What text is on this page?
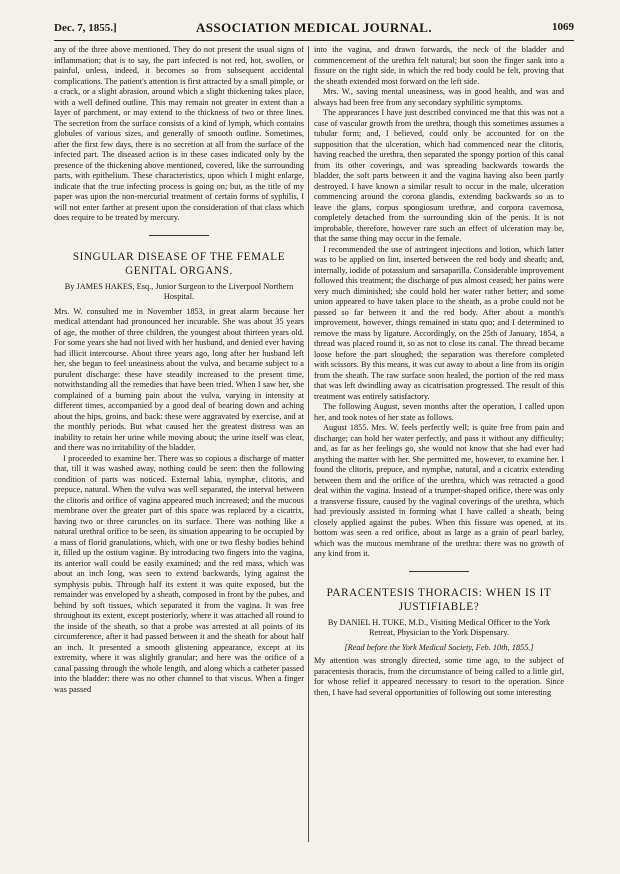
Dec. 7, 1855.]	ASSOCIATION MEDICAL JOURNAL.	1069

any of the three above mentioned. They do not present the usual signs of inflammation; that is to say, the part infected is not red, hot, swollen, or painful, unless, indeed, it becomes so from subsequent accidental complications. The patient's attention is first attracted by a small pimple, or a crack, or a slight abrasion, around which a slight thickening takes place, with a well defined outline. This may remain not greater in extent than a layer of parchment, or may extend to the thickness of two or three lines. The secretion from the surface consists of a kind of lymph, which contains globules of various sizes, and generally of smooth outline. Sometimes, after the first few days, there is no secretion at all from the surface of the infected part. The diseased action is in these cases indicated only by the presence of the thickening above mentioned, covered, like the surrounding parts, with epithelium. These characteristics, upon which I might enlarge, indicate that the true infecting process is going on; but, as the title of my paper was upon the non-mercurial treatment of certain forms of syphilis, I will not enter farther at present upon the consideration of that class which does require to be treated by mercury.

SINGULAR DISEASE OF THE FEMALE GENITAL ORGANS.
By JAMES HAKES, Esq., Junior Surgeon to the Liverpool Northern Hospital.

Mrs. W. consulted me in November 1853, in great alarm because her medical attendant had pronounced her incurable. She was about 35 years of age, the mother of three children, the youngest about thirteen years old. For some years she had not lived with her husband, and denied ever having had illicit intercourse. About three years ago, long after her husband left her, she began to feel uneasiness about the vulva, and became subject to a purulent discharge: these have steadily increased to the present time, notwithstanding all the remedies that have been tried. When I saw her, she complained of a burning pain about the vulva, varying in intensity at different times, accompanied by a good deal of bearing down and aching about the hips, groins, and back: these were aggravated by exercise, and at the monthly periods. But what caused her the greatest distress was an inability to retain her urine while moving about; the urine itself was clear, and there was no irritability of the bladder.

I proceeded to examine her. There was so copious a discharge of matter that, till it was washed away, nothing could be seen: then the following condition of parts was noticed. External labia, nymphæ, clitoris, and prepuce, natural. When the vulva was well separated, the interval between the clitoris and orifice of vagina appeared much increased; and the mucous membrane over the greater part of this space was replaced by a cicatrix, having two or three caruncles on its surface. There was nothing like a natural urethral orifice to be seen, its situation appearing to be occupied by a mass of florid granulations, which, with one or two fleshy bodies behind it, filled up the ostium vaginæ. By introducing two fingers into the vagina, its anterior wall could be easily examined; and the red mass, which was about an inch long, was seen to extend backwards, lying against the symphysis pubis. Through half its extent it was quite exposed, but the remainder was enveloped by a sheath, composed in front by the pubes, and behind by soft tissues, which separated it from the vagina. It was free throughout its extent, except posteriorly, where it was attached all round to the inside of the sheath, so that a probe was arrested at all points of its circumference, after it had passed between it and the sheath for about half an inch. It presented a smooth glistening appearance, except at its extremity, where it was slightly granular; and here was the orifice of a canal passing through the whole length, and along which a catheter passed into the bladder: there was no other channel to that viscus. When a finger was passed

into the vagina, and drawn forwards, the neck of the bladder and commencement of the urethra felt natural; but soon the finger sank into a fissure on the right side, in which the red body could be felt, proving that the sheath extended most forward on the left side.

Mrs. W., saving mental uneasiness, was in good health, and was and always had been free from any secondary syphilitic symptoms.

The appearances I have just described convinced me that this was not a case of vascular growth from the urethra, though this sometimes assumes a tubular form; and, I believed, could only be accounted for on the supposition that the ulceration, which had commenced near the clitoris, having reached the urethra, then separated the spongy portion of this canal from its other coverings, and was spreading backwards towards the bladder, the soft parts between it and the vagina having also been partly destroyed. I have known a similar result to occur in the male, ulceration commencing around the corona glandis, extending backwards so as to leave the glans, corpus spongiosum urethræ, and corpora cavernosa, completely detached from the surrounding skin of the penis. It is not improbable, therefore, however rare such an effect of ulceration may be, that the same thing may occur in the female.

I recommended the use of astringent injections and lotion, which latter was to be applied on lint, inserted between the red body and sheath; and, internally, iodide of potassium and sarsaparilla. Considerable improvement followed this treatment; the discharge of pus almost ceased; her pains were very much diminished; she could hold her water rather better; and some union appeared to have taken place to the sheath, as a probe could not be passed so far between it and the red body. After about a month's improvement, however, things remained in statu quo; and I determined to remove the mass by ligature. Accordingly, on the 25th of January, 1854, a thread was placed round it, so as not to close its canal. The thread became loose before the part sloughed; the separation was therefore completed with scissors. By this means, it was cut away to about a line from its origin from the sheath. The raw surface soon healed, the portion of the red mass that was left dwindling away as cicatrisation progressed. The result of this treatment was entirely satisfactory.

The following August, seven months after the operation, I called upon her, and took notes of her state as follows.

August 1855. Mrs. W. feels perfectly well; is quite free from pain and discharge; can hold her water perfectly, and pass it without any difficulty; and, as far as her feelings go, she would not know that she had ever had anything the matter with her. She permitted me, however, to examine her. I found the clitoris, prepuce, and nymphæ, natural, and a cicatrix extending between them and the orifice of the urethra, which was retracted a good deal within the vagina. Instead of a trumpet-shaped orifice, there was only a transverse fissure, caused by the vaginal coverings of the urethra, which had previously assisted in forming what I have called a sheath, being closely applied against the pubes. When this fissure was opened, at its bottom was seen a red orifice, about as large as a grain of pearl barley, which was the mucous membrane of the urethra: there was no growth of any kind from it.

PARACENTESIS THORACIS: WHEN IS IT JUSTIFIABLE?
By DANIEL H. TUKE, M.D., Visiting Medical Officer to the York Retreat, Physician to the York Dispensary.
[Read before the York Medical Society, Feb. 10th, 1855.]

My attention was strongly directed, some time ago, to the subject of paracentesis thoracis, from the circumstance of being called to a little girl, for whose relief it appeared necessary to resort to the operation. Since then, I have had several opportunities of following out some interesting
